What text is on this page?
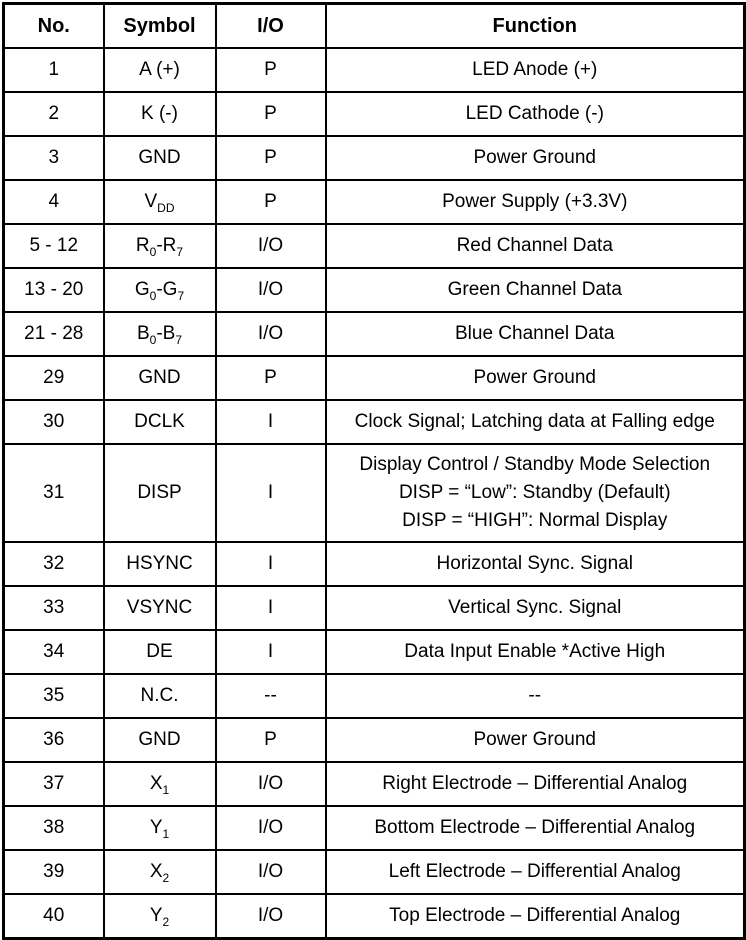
No.	Symbol	I/O	Function
1	A (+)	P	LED Anode (+)
2	K (-)	P	LED Cathode (-)
3	GND	P	Power Ground
4	$V_{DD}$	P	Power Supply (+3.3V)
5 - 12	$R_0-R_7$	I/O	Red Channel Data
13 - 20	$G_0-G_7$	I/O	Green Channel Data
21 - 28	$B_0-B_7$	I/O	Blue Channel Data
29	GND	P	Power Ground
30	DCLK	I	Clock Signal; Latching data at Falling edge
31	DISP	I	Display Control / Standby Mode Selection
DISP = “Low”: Standby (Default)
DISP = “HIGH”: Normal Display

32	HSYNC	I	Horizontal Sync. Signal
33	VSYNC	I	Vertical Sync. Signal
34	DE	I	Data Input Enable *Active High
35	N.C.	--	--
36	GND	P	Power Ground
37	$X_1$	I/O	Right Electrode – Differential Analog
38	$Y_1$	I/O	Bottom Electrode – Differential Analog
39	$X_2$	I/O	Left Electrode – Differential Analog
40	$Y_2$	I/O	Top Electrode – Differential Analog
